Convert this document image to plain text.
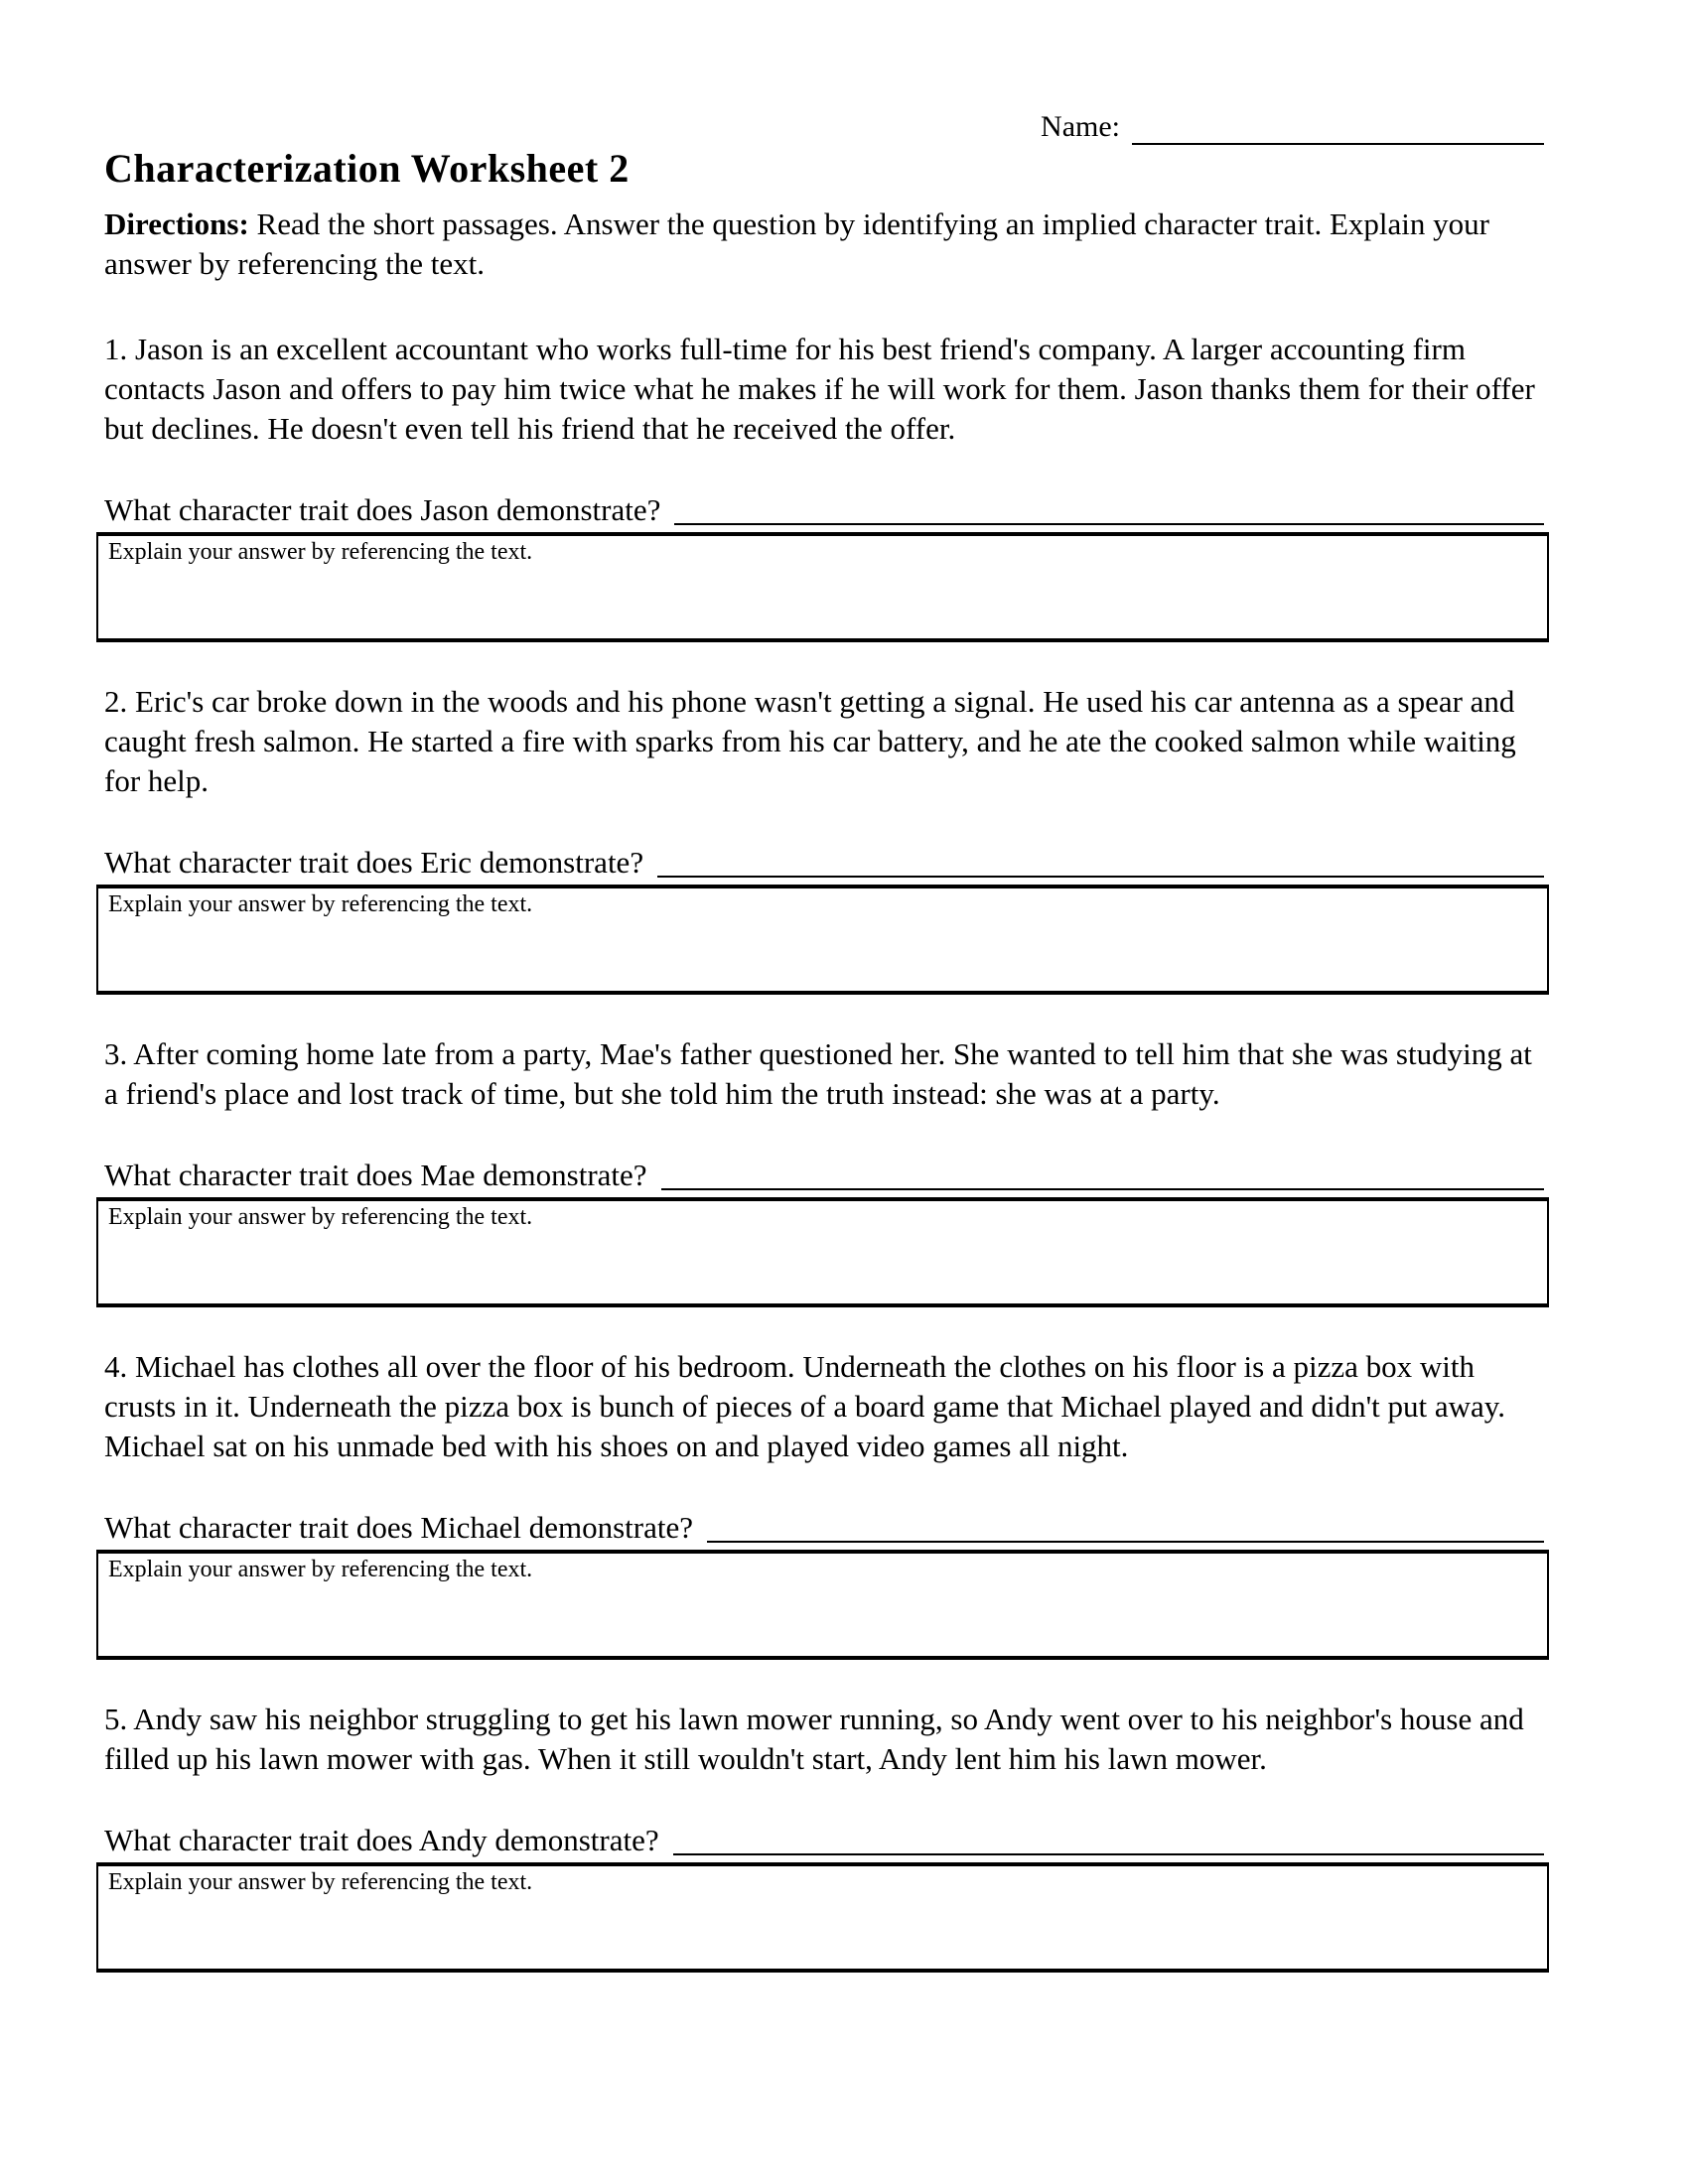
Name:
Characterization Worksheet 2

Directions: Read the short passages. Answer the question by identifying an implied character trait. Explain your answer by referencing the text.

1. Jason is an excellent accountant who works full-time for his best friend's company. A larger accounting firm contacts Jason and offers to pay him twice what he makes if he will work for them. Jason thanks them for their offer but declines. He doesn't even tell his friend that he received the offer.

What character trait does Jason demonstrate?
Explain your answer by referencing the text.

2. Eric's car broke down in the woods and his phone wasn't getting a signal. He used his car antenna as a spear and caught fresh salmon. He started a fire with sparks from his car battery, and he ate the cooked salmon while waiting for help.

What character trait does Eric demonstrate?
Explain your answer by referencing the text.

3. After coming home late from a party, Mae's father questioned her. She wanted to tell him that she was studying at a friend's place and lost track of time, but she told him the truth instead: she was at a party.

What character trait does Mae demonstrate?
Explain your answer by referencing the text.

4. Michael has clothes all over the floor of his bedroom. Underneath the clothes on his floor is a pizza box with crusts in it. Underneath the pizza box is bunch of pieces of a board game that Michael played and didn't put away. Michael sat on his unmade bed with his shoes on and played video games all night.

What character trait does Michael demonstrate?
Explain your answer by referencing the text.

5. Andy saw his neighbor struggling to get his lawn mower running, so Andy went over to his neighbor's house and filled up his lawn mower with gas. When it still wouldn't start, Andy lent him his lawn mower.

What character trait does Andy demonstrate?
Explain your answer by referencing the text.
